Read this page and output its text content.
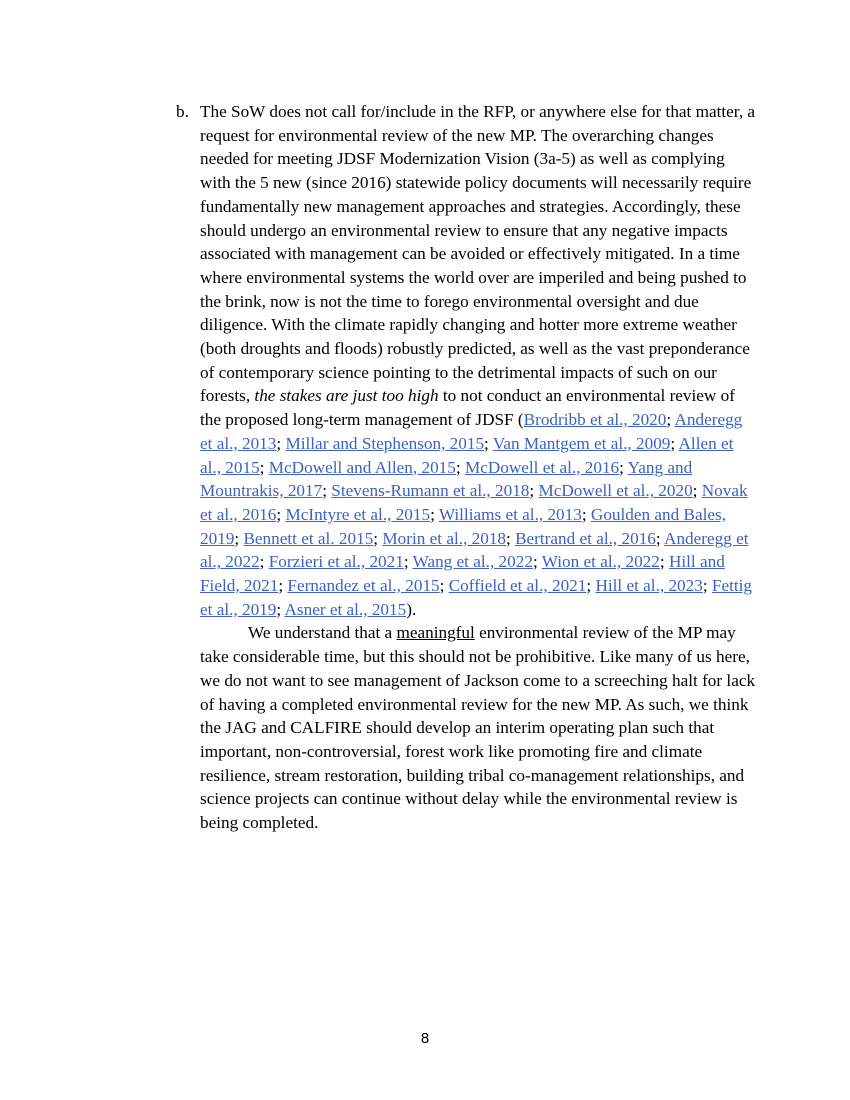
b. The SoW does not call for/include in the RFP, or anywhere else for that matter, a request for environmental review of the new MP. The overarching changes needed for meeting JDSF Modernization Vision (3a-5) as well as complying with the 5 new (since 2016) statewide policy documents will necessarily require fundamentally new management approaches and strategies. Accordingly, these should undergo an environmental review to ensure that any negative impacts associated with management can be avoided or effectively mitigated. In a time where environmental systems the world over are imperiled and being pushed to the brink, now is not the time to forego environmental oversight and due diligence. With the climate rapidly changing and hotter more extreme weather (both droughts and floods) robustly predicted, as well as the vast preponderance of contemporary science pointing to the detrimental impacts of such on our forests, the stakes are just too high to not conduct an environmental review of the proposed long-term management of JDSF (Brodribb et al., 2020; Anderegg et al., 2013; Millar and Stephenson, 2015; Van Mantgem et al., 2009; Allen et al., 2015; McDowell and Allen, 2015; McDowell et al., 2016; Yang and Mountrakis, 2017; Stevens-Rumann et al., 2018; McDowell et al., 2020; Novak et al., 2016; McIntyre et al., 2015; Williams et al., 2013; Goulden and Bales, 2019; Bennett et al. 2015; Morin et al., 2018; Bertrand et al., 2016; Anderegg et al., 2022; Forzieri et al., 2021; Wang et al., 2022; Wion et al., 2022; Hill and Field, 2021; Fernandez et al., 2015; Coffield et al., 2021; Hill et al., 2023; Fettig et al., 2019; Asner et al., 2015).

We understand that a meaningful environmental review of the MP may take considerable time, but this should not be prohibitive. Like many of us here, we do not want to see management of Jackson come to a screeching halt for lack of having a completed environmental review for the new MP. As such, we think the JAG and CALFIRE should develop an interim operating plan such that important, non-controversial, forest work like promoting fire and climate resilience, stream restoration, building tribal co-management relationships, and science projects can continue without delay while the environmental review is being completed.

8
